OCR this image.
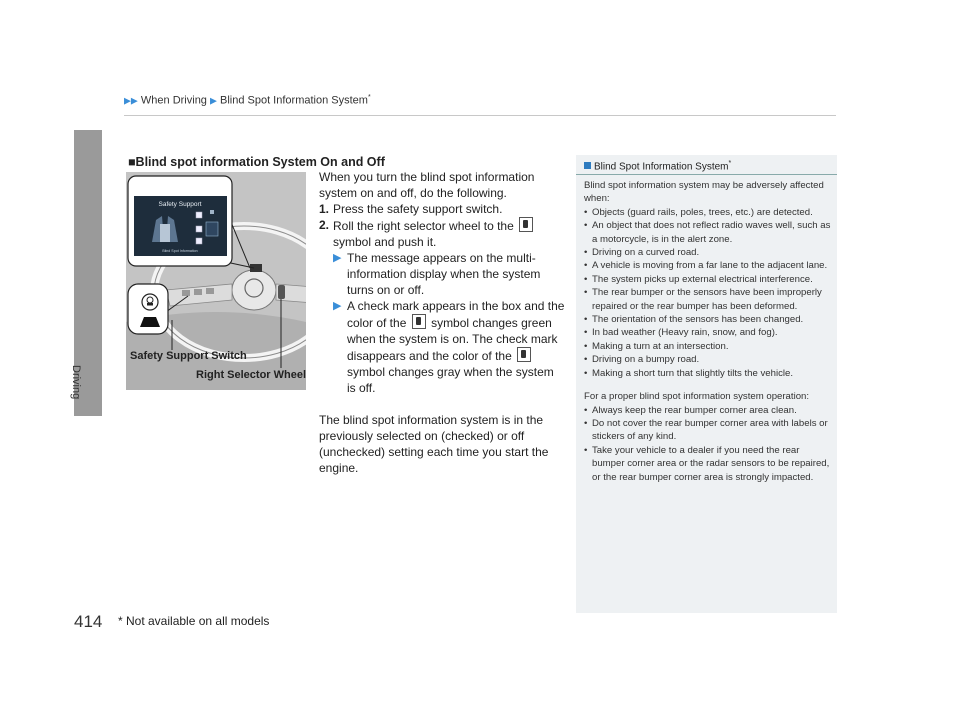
▶▶ When Driving ▶ Blind Spot Information System*
Driving
■Blind spot information System On and Off
Safety Support
Blind Spot Information
Safety Support Switch
Right Selector Wheel

When you turn the blind spot information system on and off, do the following.

1. Press the safety support switch.
2. Roll the right selector wheel to the  symbol and push it.
▶ The message appears on the multi-information display when the system turns on or off.
▶ A check mark appears in the box and the color of the symbol changes green when the system is on. The check mark disappears and the color of the  symbol changes gray when the system is off.

The blind spot information system is in the previously selected on (checked) or off (unchecked) setting each time you start the engine.

Blind Spot Information System*

Blind spot information system may be adversely affected when:

• Objects (guard rails, poles, trees, etc.) are detected.
• An object that does not reflect radio waves well, such as a motorcycle, is in the alert zone.
• Driving on a curved road.
• A vehicle is moving from a far lane to the adjacent lane.
• The system picks up external electrical interference.
• The rear bumper or the sensors have been improperly repaired or the rear bumper has been deformed.
• The orientation of the sensors has been changed.
• In bad weather (Heavy rain, snow, and fog).
• Making a turn at an intersection.
• Driving on a bumpy road.
• Making a short turn that slightly tilts the vehicle.

For a proper blind spot information system operation:

• Always keep the rear bumper corner area clean.
• Do not cover the rear bumper corner area with labels or stickers of any kind.
• Take your vehicle to a dealer if you need the rear bumper corner area or the radar sensors to be repaired, or the rear bumper corner area is strongly impacted.
414 * Not available on all models
